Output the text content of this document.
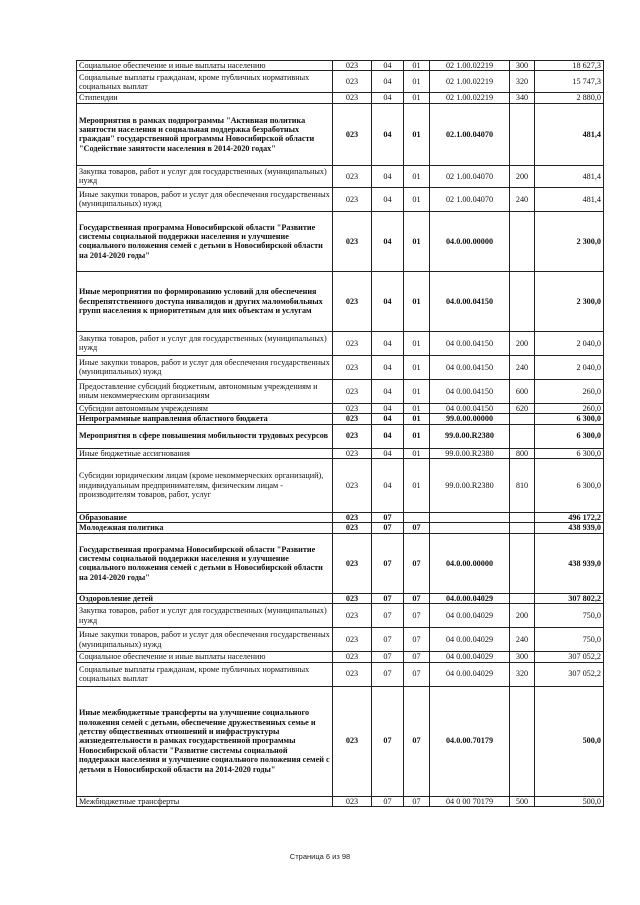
Социальное обеспечение и иные выплаты населению	023	04	01	02 1.00.02219	300	18 627,3
Социальные выплаты гражданам, кроме публичных нормативных социальных выплат	023	04	01	02 1.00.02219	320	15 747,3
Стипендии	023	04	01	02 1.00.02219	340	2 880,0
Мероприятия в рамках подпрограммы "Активная политика занятости населения и социальная поддержка безработных граждан" государственной программы Новосибирской области "Содействие занятости населения в 2014-2020 годах"	023	04	01	02.1.00.04070		481,4
Закупка товаров, работ и услуг для государственных (муниципальных) нужд	023	04	01	02 1.00.04070	200	481,4
Иные закупки товаров, работ и услуг для обеспечения государственных (муниципальных) нужд	023	04	01	02 1.00.04070	240	481,4
Государственная программа Новосибирской области "Развитие системы социальной поддержки населения и улучшение социального положения семей с детьми в Новосибирской области на 2014-2020 годы"	023	04	01	04.0.00.00000		2 300,0
Иные мероприятия по формированию условий для обеспечения беспрепятственного доступа инвалидов и других маломобильных групп населения к приоритетным для них объектам и услугам	023	04	01	04.0.00.04150		2 300,0
Закупка товаров, работ и услуг для государственных (муниципальных) нужд	023	04	01	04 0.00.04150	200	2 040,0
Иные закупки товаров, работ и услуг для обеспечения государственных (муниципальных) нужд	023	04	01	04 0.00.04150	240	2 040,0
Предоставление субсидий бюджетным, автономным учреждениям и иным некоммерческим организациям	023	04	01	04 0.00.04150	600	260,0
Субсидии автономным учреждениям	023	04	01	04 0.00.04150	620	260,0
Непрограммные направления областного бюджета	023	04	01	99.0.00.00000		6 300,0
Мероприятия в сфере повышения мобильности трудовых ресурсов	023	04	01	99.0.00.R2380		6 300,0
Иные бюджетные ассигнования	023	04	01	99.0.00.R2380	800	6 300,0
Субсидии юридическим лицам (кроме некоммерческих организаций), индивидуальным предпринимателям, физическим лицам - производителям товаров, работ, услуг	023	04	01	99.0.00.R2380	810	6 300,0
Образование	023	07				496 172,2
Молодежная политика	023	07	07			438 939,0
Государственная программа Новосибирской области "Развитие системы социальной поддержки населения и улучшение социального положения семей с детьми в Новосибирской области на 2014-2020 годы"	023	07	07	04.0.00.00000		438 939,0
Оздоровление детей	023	07	07	04.0.00.04029		307 802,2
Закупка товаров, работ и услуг для государственных (муниципальных) нужд	023	07	07	04 0.00.04029	200	750,0
Иные закупки товаров, работ и услуг для обеспечения государственных (муниципальных) нужд	023	07	07	04 0.00.04029	240	750,0
Социальное обеспечение и иные выплаты населению	023	07	07	04 0.00.04029	300	307 052,2
Социальные выплаты гражданам, кроме публичных нормативных социальных выплат	023	07	07	04 0.00.04029	320	307 052,2
Иные межбюджетные трансферты на улучшение социального положения семей с детьми, обеспечение дружественных семье и детству общественных отношений и инфраструктуры жизнедеятельности в рамках государственной программы Новосибирской области "Развитие системы социальной поддержки населения и улучшение социального положения семей с детьми в Новосибирской области на 2014-2020 годы"	023	07	07	04.0.00.70179		500,0
Межбюджетные трансферты	023	07	07	04 0 00 70179	500	500,0
Страница 6 из 98
